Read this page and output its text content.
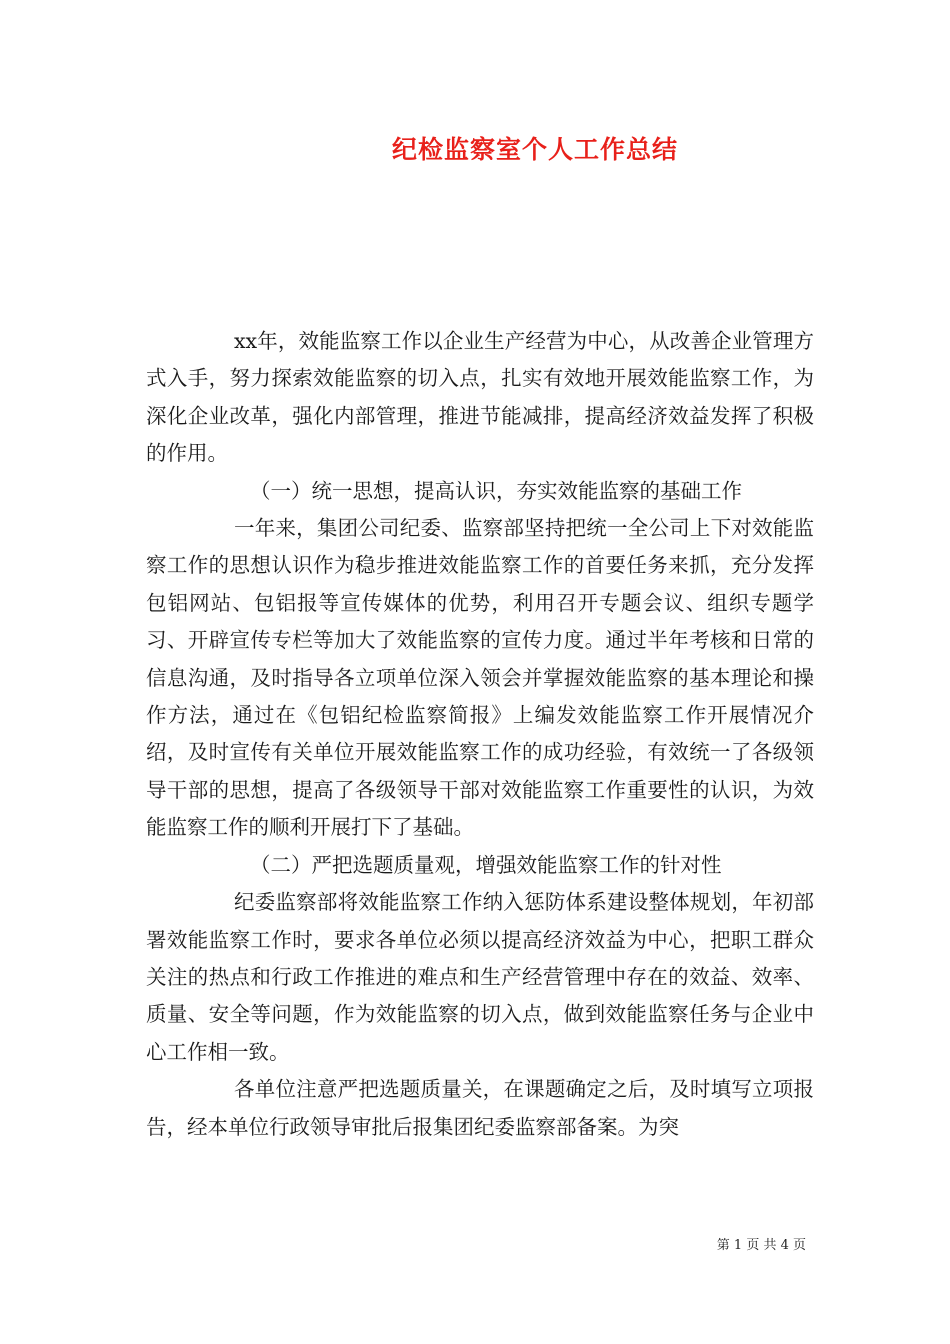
纪检监察室个人工作总结

xx年，效能监察工作以企业生产经营为中心，从改善企业管理方式入手，努力探索效能监察的切入点，扎实有效地开展效能监察工作，为深化企业改革，强化内部管理，推进节能减排，提高经济效益发挥了积极的作用。

（一）统一思想，提高认识，夯实效能监察的基础工作

一年来，集团公司纪委、监察部坚持把统一全公司上下对效能监察工作的思想认识作为稳步推进效能监察工作的首要任务来抓，充分发挥包铝网站、包铝报等宣传媒体的优势，利用召开专题会议、组织专题学习、开辟宣传专栏等加大了效能监察的宣传力度。通过半年考核和日常的信息沟通，及时指导各立项单位深入领会并掌握效能监察的基本理论和操作方法，通过在《包铝纪检监察简报》上编发效能监察工作开展情况介绍，及时宣传有关单位开展效能监察工作的成功经验，有效统一了各级领导干部的思想，提高了各级领导干部对效能监察工作重要性的认识，为效能监察工作的顺利开展打下了基础。

（二）严把选题质量观，增强效能监察工作的针对性

纪委监察部将效能监察工作纳入惩防体系建设整体规划，年初部署效能监察工作时，要求各单位必须以提高经济效益为中心，把职工群众关注的热点和行政工作推进的难点和生产经营管理中存在的效益、效率、质量、安全等问题，作为效能监察的切入点，做到效能监察任务与企业中心工作相一致。

各单位注意严把选题质量关，在课题确定之后，及时填写立项报告，经本单位行政领导审批后报集团纪委监察部备案。为突

第 1 页 共 4 页
